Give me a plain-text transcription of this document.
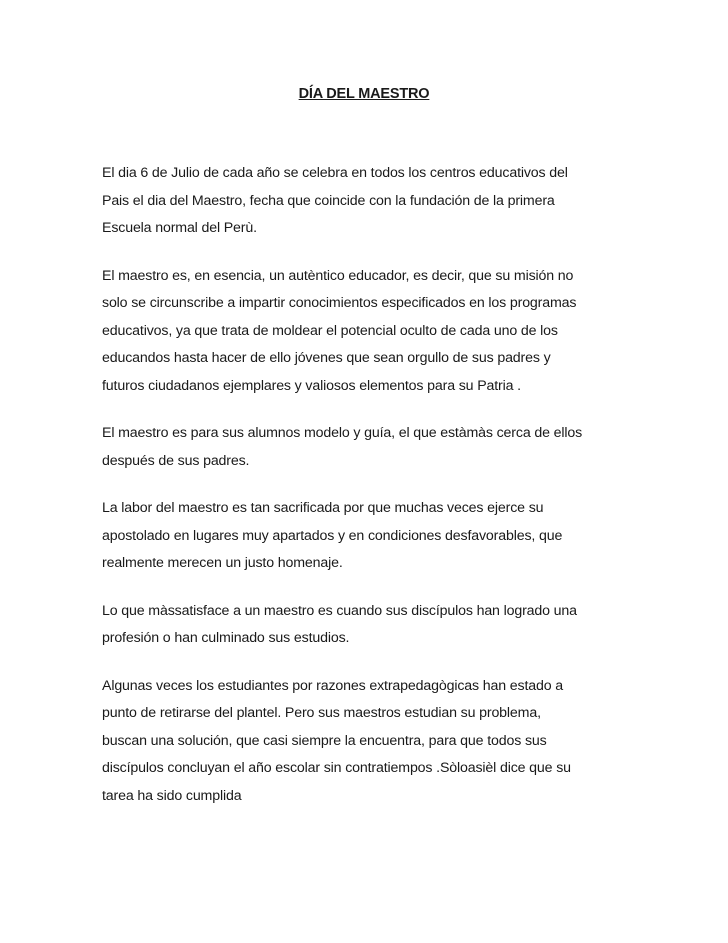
DÍA DEL MAESTRO

El dia 6 de Julio de cada año se celebra en todos los centros educativos del
Pais el dia del Maestro, fecha que coincide con la fundación de la primera
Escuela normal del Perù.

El maestro es, en esencia, un autèntico educador, es decir, que su misión no
solo se circunscribe a impartir conocimientos especificados en los programas
educativos, ya que trata de moldear el potencial oculto de cada uno de los
educandos hasta hacer de ello jóvenes que sean orgullo de sus padres y
futuros ciudadanos ejemplares y valiosos elementos para su Patria .

El maestro es para sus alumnos modelo y guía, el que estàmàs cerca de ellos
después de sus padres.

La labor del maestro es tan sacrificada por que muchas veces ejerce su
apostolado en lugares muy apartados y en condiciones desfavorables, que
realmente merecen un justo homenaje.

Lo que màssatisface a un maestro es cuando sus discípulos han logrado una
profesión o han culminado sus estudios.

Algunas veces los estudiantes por razones extrapedagògicas han estado a
punto de retirarse del plantel. Pero sus maestros estudian su problema,
buscan una solución, que casi siempre la encuentra, para que todos sus
discípulos concluyan el año escolar sin contratiempos .Sòloasièl dice que su
tarea ha sido cumplida
